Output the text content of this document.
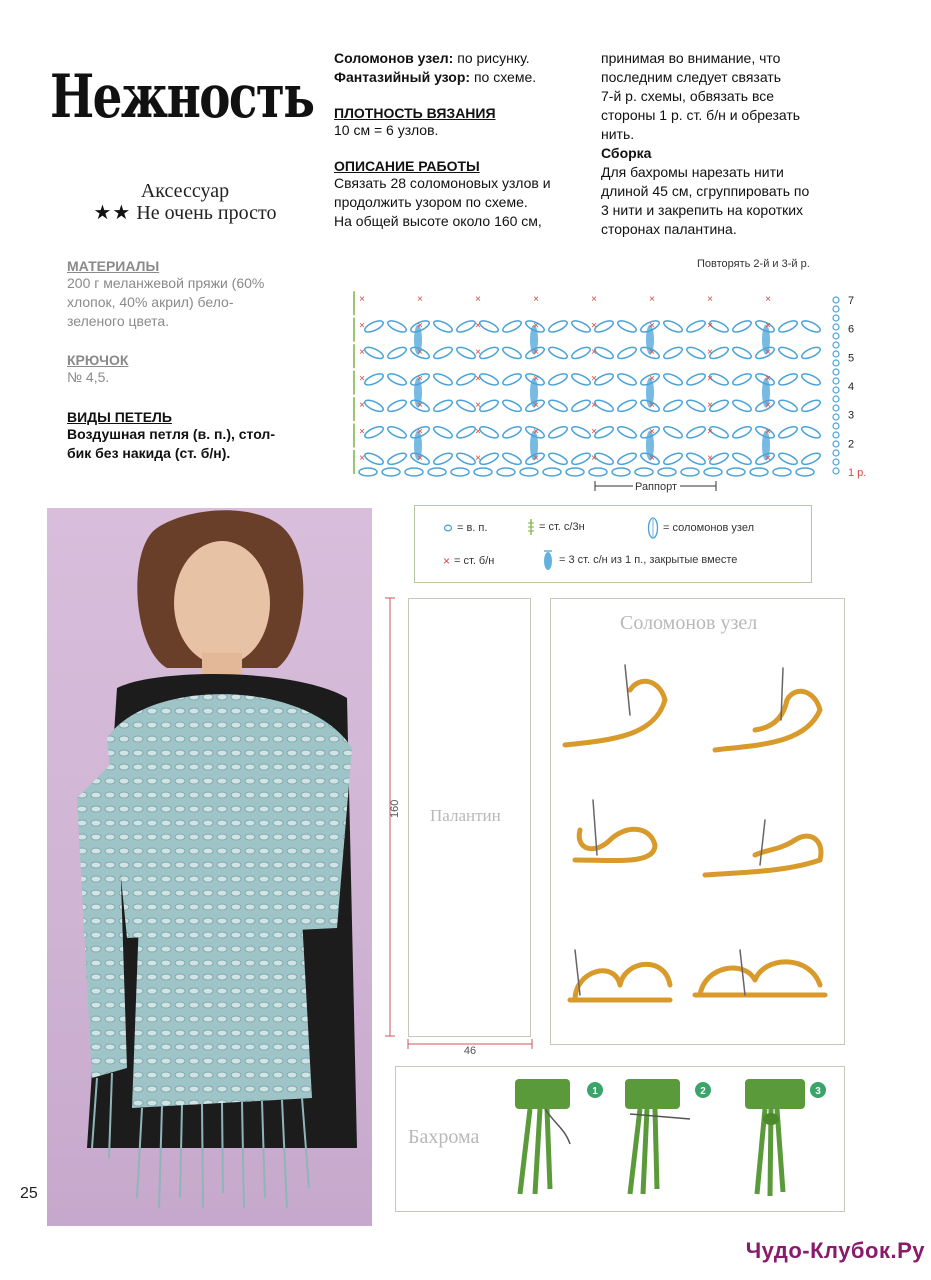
Нежность
Аксессуар
★★ Не очень просто
МАТЕРИАЛЫ
200 г меланжевой пряжи (60%
хлопок, 40% акрил) бело-
зеленого цвета.
КРЮЧОК
№ 4,5.
ВИДЫ ПЕТЕЛЬ
Воздушная петля (в. п.), стол-
бик без накида (ст. б/н).
Соломонов узел: по рисунку.
Фантазийный узор: по схеме.
ПЛОТНОСТЬ ВЯЗАНИЯ
10 см = 6 узлов.
ОПИСАНИЕ РАБОТЫ
Связать 28 соломоновых узлов и
продолжить узором по схеме.
На общей высоте около 160 см,
принимая во внимание, что
последним следует связать
7-й р. схемы, обвязать все
стороны 1 р. ст. б/н и обрезать
нить.
Сборка
Для бахромы нарезать нити
длиной 45 см, сгруппировать по
3 нити и закрепить на коротких
сторонах палантина.
Повторять 2-й и 3-й р.
×	×	×	×	×	×	×	×
×	×	×	×	×	×	×	×
×	×	×	×	×	×	×	×
×	×	×	×	×	×	×	×
×	×	×	×	×	×	×	×
×	×	×	×	×	×	×	×
×	×	×	×	×	×	×	×	7
6
5
4
3
2
1 р.
Раппорт
= в. п.	= ст. с/3н	= соломонов узел
× = ст. б/н	= 3 ст. с/н из 1 п., закрытые вместе
Палантин
160
46
Соломонов узел
Бахрома
1	2	3
25
Чудо-Клубок.Ру
